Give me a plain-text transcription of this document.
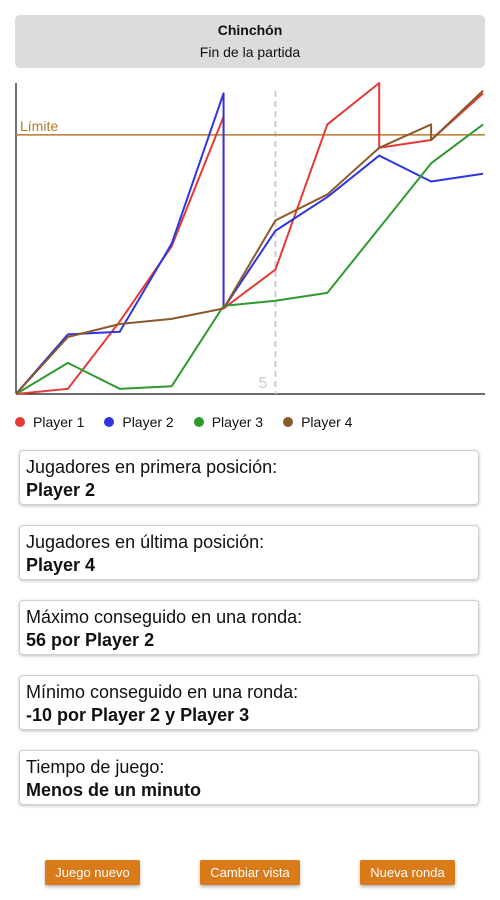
Chinchón
Fin de la partida
5
Límite
Player 1	Player 2	Player 3	Player 4
Jugadores en primera posición:
Player 2
Jugadores en última posición:
Player 4
Máximo conseguido en una ronda:
56 por Player 2
Mínimo conseguido en una ronda:
-10 por Player 2 y Player 3
Tiempo de juego:
Menos de un minuto
Juego nuevo	Cambiar vista	Nueva ronda
